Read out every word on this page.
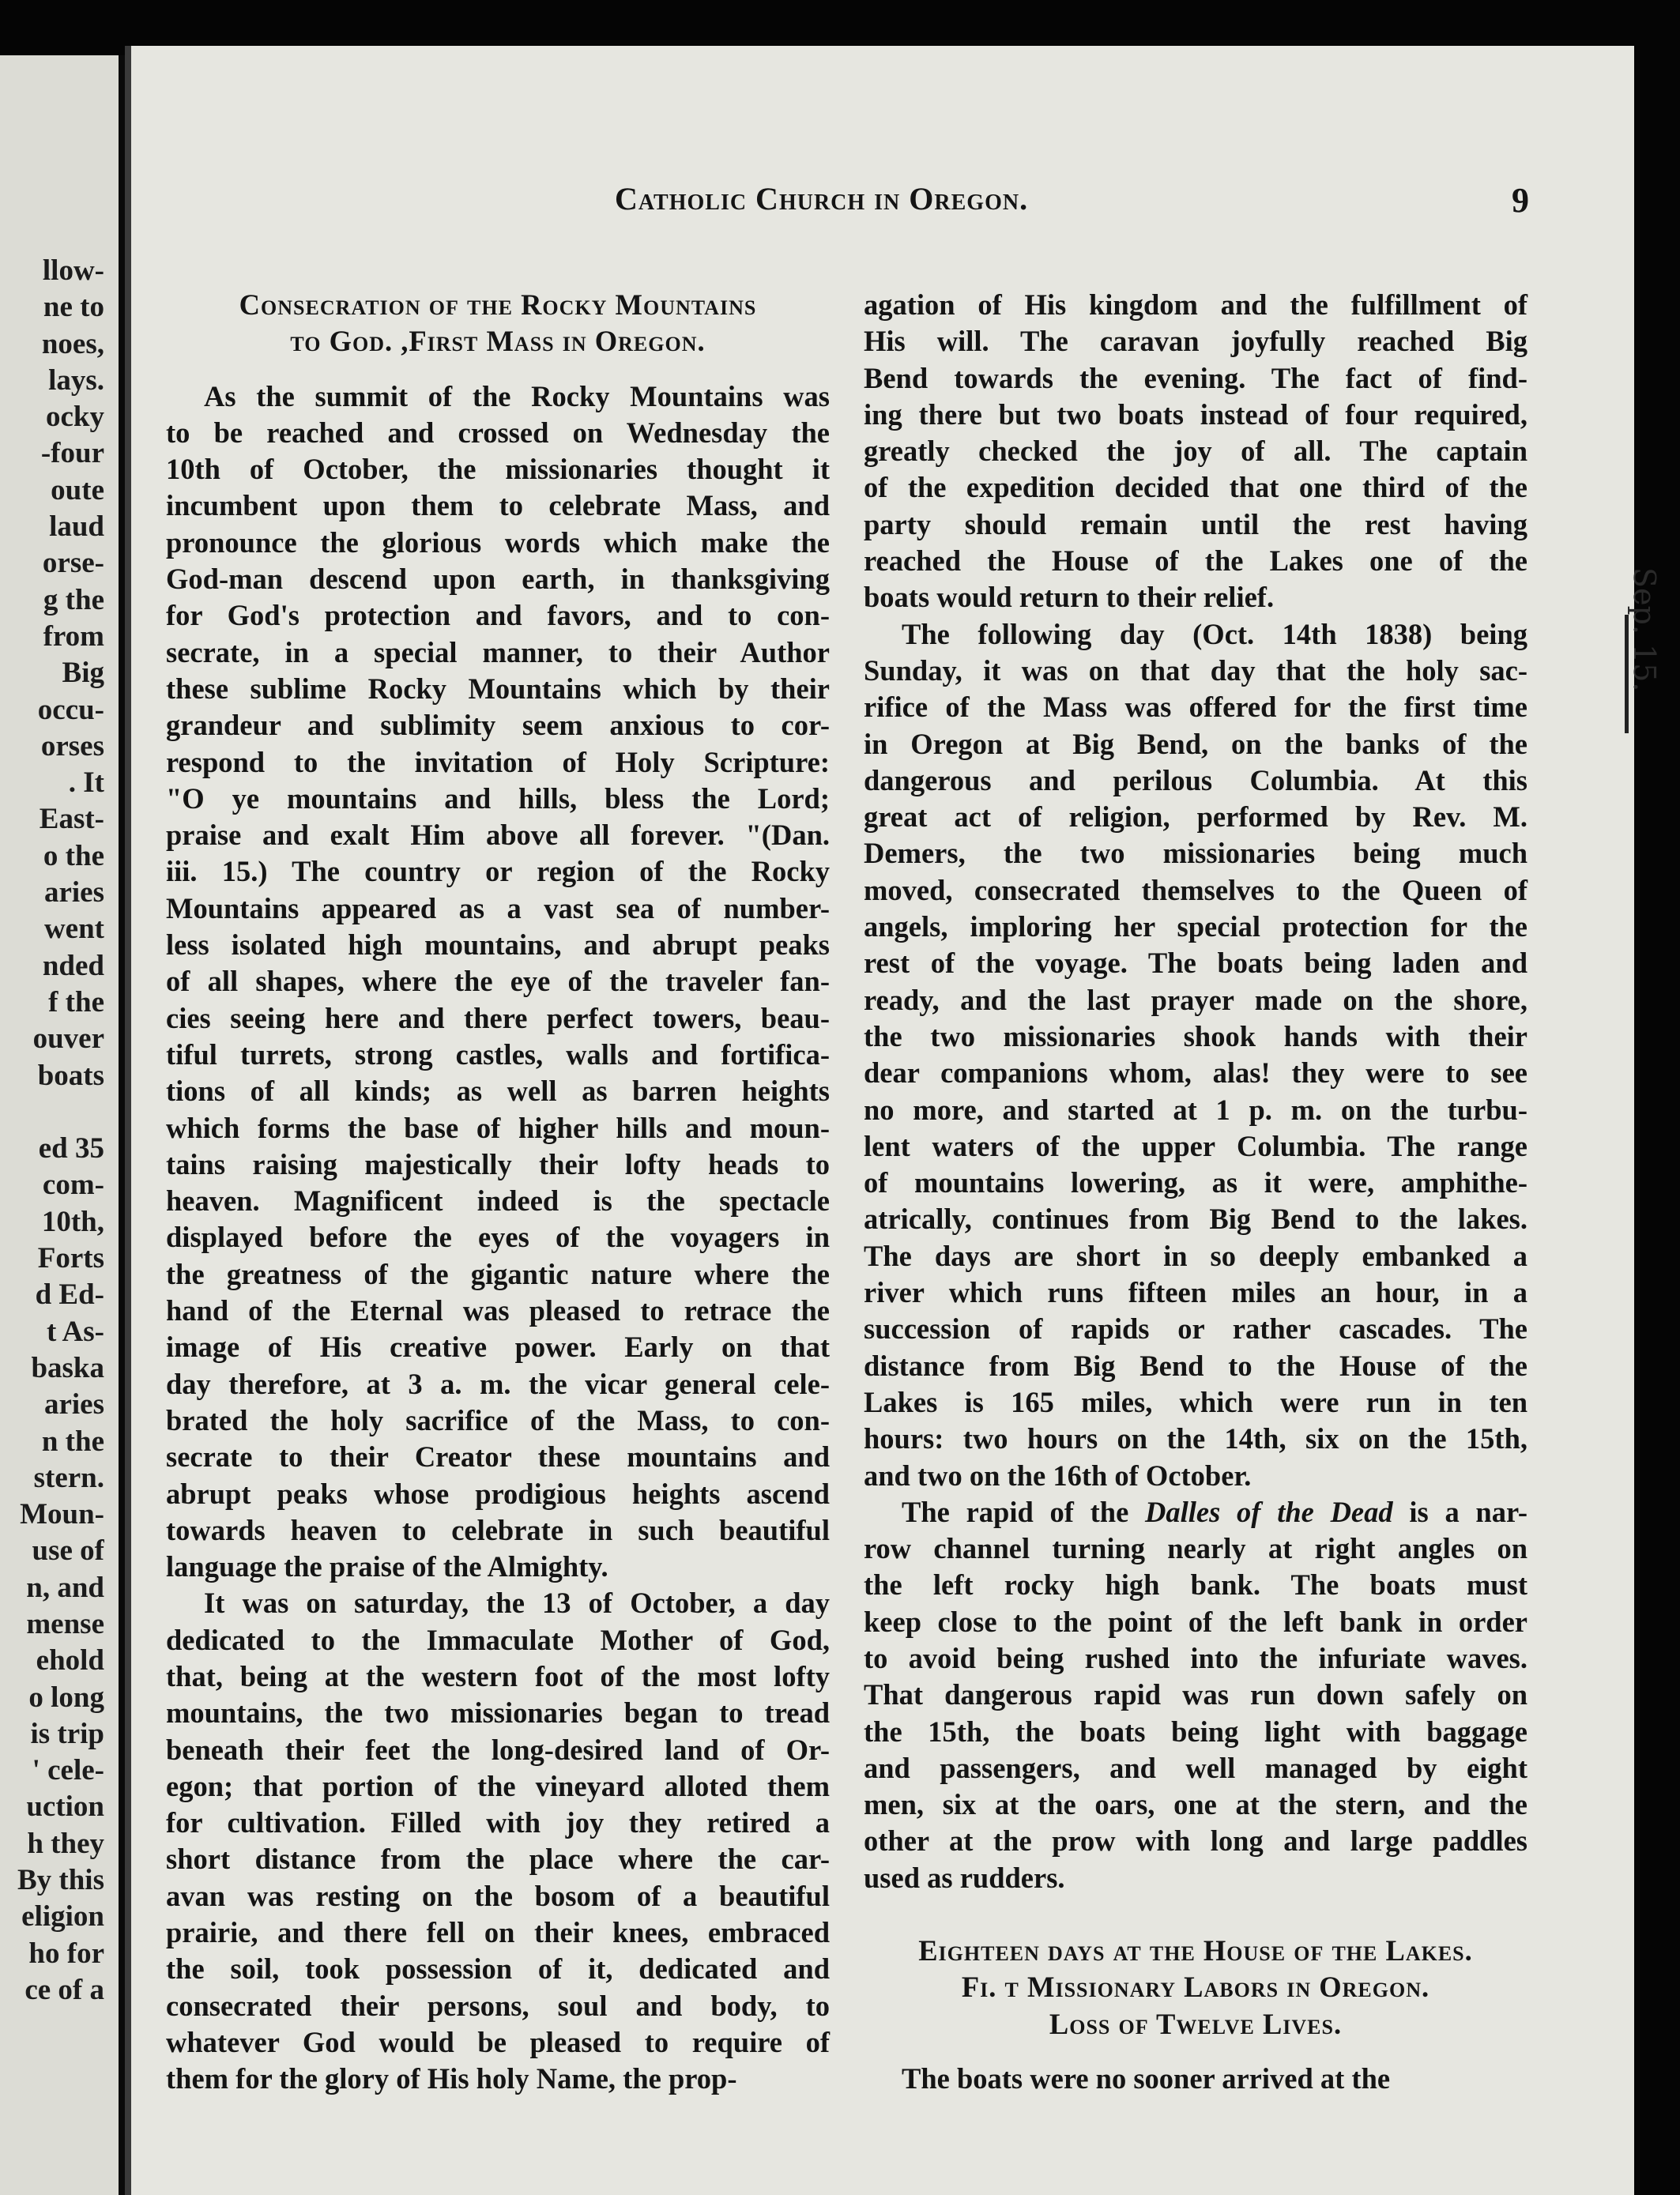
llow-
ne to
noes,
lays.
ocky
-four
oute
laud
orse-
g the
from
Big
occu-
orses
. It
East-
o the
aries
went
nded
f the
ouver
boats
ed 35
com-
10th,
Forts
d Ed-
t As-
baska
aries
n the
stern.
Moun-
use of
n, and
mense
ehold
o long
is trip
' cele-
uction
h they
By this
eligion
ho for
ce of a
Catholic Church in Oregon.	9
Consecration of the Rocky Mountains
to God. ,First Mass in Oregon.
As the summit of the Rocky Mountains was
to be reached and crossed on Wednesday the
10th of October, the missionaries thought it
incumbent upon them to celebrate Mass, and
pronounce the glorious words which make the
God-man descend upon earth, in thanksgiving
for God's protection and favors, and to con-
secrate, in a special manner, to their Author
these sublime Rocky Mountains which by their
grandeur and sublimity seem anxious to cor-
respond to the invitation of Holy Scripture:
"O ye mountains and hills, bless the Lord;
praise and exalt Him above all forever. "(Dan.
iii. 15.) The country or region of the Rocky
Mountains appeared as a vast sea of number-
less isolated high mountains, and abrupt peaks
of all shapes, where the eye of the traveler fan-
cies seeing here and there perfect towers, beau-
tiful turrets, strong castles, walls and fortifica-
tions of all kinds; as well as barren heights
which forms the base of higher hills and moun-
tains raising majestically their lofty heads to
heaven. Magnificent indeed is the spectacle
displayed before the eyes of the voyagers in
the greatness of the gigantic nature where the
hand of the Eternal was pleased to retrace the
image of His creative power. Early on that
day therefore, at 3 a. m. the vicar general cele-
brated the holy sacrifice of the Mass, to con-
secrate to their Creator these mountains and
abrupt peaks whose prodigious heights ascend
towards heaven to celebrate in such beautiful
language the praise of the Almighty.
It was on saturday, the 13 of October, a day
dedicated to the Immaculate Mother of God,
that, being at the western foot of the most lofty
mountains, the two missionaries began to tread
beneath their feet the long-desired land of Or-
egon; that portion of the vineyard alloted them
for cultivation. Filled with joy they retired a
short distance from the place where the car-
avan was resting on the bosom of a beautiful
prairie, and there fell on their knees, embraced
the soil, took possession of it, dedicated and
consecrated their persons, soul and body, to
whatever God would be pleased to require of
them for the glory of His holy Name, the prop-
agation of His kingdom and the fulfillment of
His will. The caravan joyfully reached Big
Bend towards the evening. The fact of find-
ing there but two boats instead of four required,
greatly checked the joy of all. The captain
of the expedition decided that one third of the
party should remain until the rest having
reached the House of the Lakes one of the
boats would return to their relief.
The following day (Oct. 14th 1838) being
Sunday, it was on that day that the holy sac-
rifice of the Mass was offered for the first time
in Oregon at Big Bend, on the banks of the
dangerous and perilous Columbia. At this
great act of religion, performed by Rev. M.
Demers, the two missionaries being much
moved, consecrated themselves to the Queen of
angels, imploring her special protection for the
rest of the voyage. The boats being laden and
ready, and the last prayer made on the shore,
the two missionaries shook hands with their
dear companions whom, alas! they were to see
no more, and started at 1 p. m. on the turbu-
lent waters of the upper Columbia. The range
of mountains lowering, as it were, amphithe-
atrically, continues from Big Bend to the lakes.
The days are short in so deeply embanked a
river which runs fifteen miles an hour, in a
succession of rapids or rather cascades. The
distance from Big Bend to the House of the
Lakes is 165 miles, which were run in ten
hours: two hours on the 14th, six on the 15th,
and two on the 16th of October.
The rapid of the Dalles of the Dead is a nar-
row channel turning nearly at right angles on
the left rocky high bank. The boats must
keep close to the point of the left bank in order
to avoid being rushed into the infuriate waves.
That dangerous rapid was run down safely on
the 15th, the boats being light with baggage
and passengers, and well managed by eight
men, six at the oars, one at the stern, and the
other at the prow with long and large paddles
used as rudders.
Eighteen days at the House of the Lakes.
Fi. t Missionary Labors in Oregon.
Loss of Twelve Lives.
The boats were no sooner arrived at the
Sep. 15.
